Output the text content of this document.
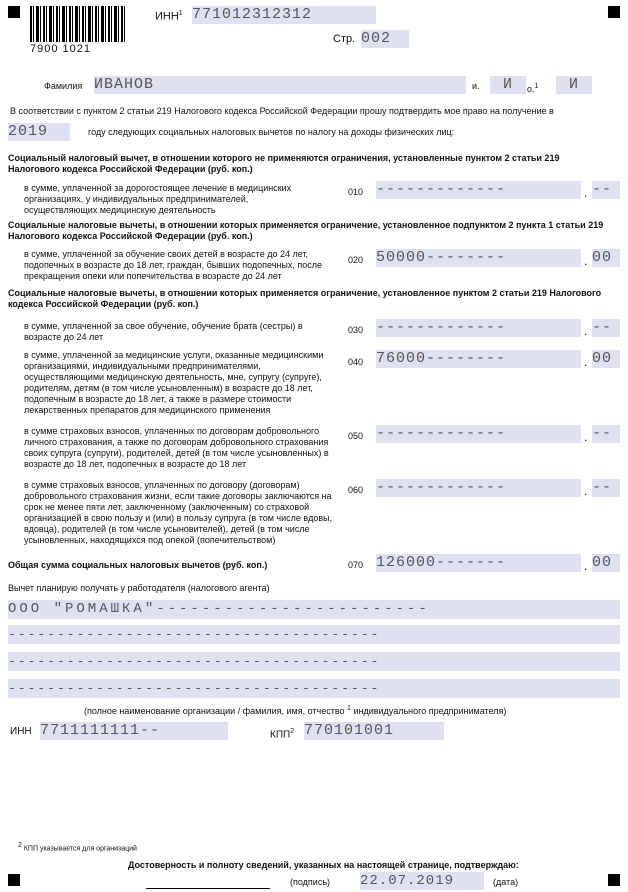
7900 1021
ИНН$^1$ 771012312312
Стр. 002
Фамилия ИВАНОВ	и.	И	о.$^1$	И
В соответствии с пунктом 2 статьи 219 Налогового кодекса Российской Федерации прошу подтвердить мое право на получение в
2019	году следующих социальных налоговых вычетов по налогу на доходы физических лиц:
Социальный налоговый вычет, в отношении которого не применяются ограничения, установленные пунктом 2 статьи 219 Налогового кодекса Российской Федерации (руб. коп.)
в сумме, уплаченной за дорогостоящее лечение в медицинских организациях, у индивидуальных предпринимателей, осуществляющих медицинскую деятельность
010 -------------	. --
Социальные налоговые вычеты, в отношении которых применяется ограничение, установленное подпунктом 2 пункта 1 статьи 219 Налогового кодекса Российской Федерации (руб. коп.)
в сумме, уплаченной за обучение своих детей в возрасте до 24 лет, подопечных в возрасте до 18 лет, граждан, бывших подопечных, после прекращения опеки или попечительства в возрасте до 24 лет
020 50000--------	. 00
Социальные налоговые вычеты, в отношении которых применяется ограничение, установленное пунктом 2 статьи 219 Налогового кодекса Российской Федерации (руб. коп.)
в сумме, уплаченной за свое обучение, обучение брата (сестры) в возрасте до 24 лет
030 -------------	. --
в сумме, уплаченной за медицинские услуги, оказанные медицинскими организациями, индивидуальными предпринимателями, осуществляющими медицинскую деятельность, мне, супругу (супруге), родителям, детям (в том числе усыновленным) в возрасте до 18 лет, подопечным в возрасте до 18 лет, а также в размере стоимости лекарственных препаратов для медицинского применения
040 76000--------	. 00
в сумме страховых взносов, уплаченных по договорам добровольного личного страхования, а также по договорам добровольного страхования своих супруга (супруги), родителей, детей (в том числе усыновленных) в возрасте до 18 лет, подопечных в возрасте до 18 лет
050 -------------	. --
в сумме страховых взносов, уплаченных по договору (договорам) добровольного страхования жизни, если такие договоры заключаются на срок не менее пяти лет, заключенному (заключенным) со страховой организацией в свою пользу и (или) в пользу супруга (в том числе вдовы, вдовца), родителей (в том числе усыновителей), детей (в том числе усыновленных, находящихся под опекой (попечительством)
060 -------------	. --
Общая сумма социальных налоговых вычетов (руб. коп.)	070 126000-------	. 00
Вычет планирую получать у работодателя (налогового агента)
ООО "РОМАШКА"------------------------
--------------------------------------
--------------------------------------
--------------------------------------
(полное наименование организации / фамилия, имя, отчество $^1$ индивидуального предпринимателя)
ИНН 7711111111--	КПП$^2$ 770101001
2 КПП указывается для организаций
Достоверность и полноту сведений, указанных на настоящей странице, подтверждаю:
(подпись) 22.07.2019	(дата)
